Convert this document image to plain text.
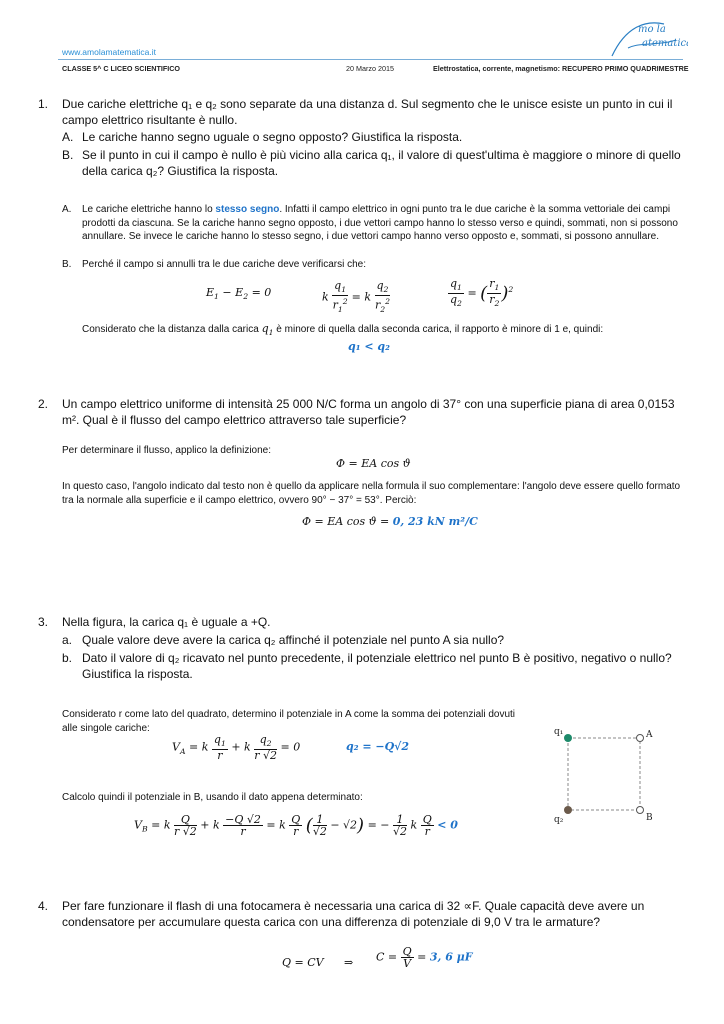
www.amolamatematica.it
mo la
atematica
CLASSE 5^ C LICEO SCIENTIFICO	20 Marzo 2015	Elettrostatica, corrente, magnetismo: RECUPERO PRIMO QUADRIMESTRE
1. Due cariche elettriche q₁ e q₂ sono separate da una distanza d. Sul segmento che le unisce esiste un punto in cui il campo elettrico risultante è nullo.
A. Le cariche hanno segno uguale o segno opposto? Giustifica la risposta.
B. Se il punto in cui il campo è nullo è più vicino alla carica q₁, il valore di quest'ultima è maggiore o minore di quello della carica q₂? Giustifica la risposta.
A. Le cariche elettriche hanno lo stesso segno. Infatti il campo elettrico in ogni punto tra le due cariche è la somma vettoriale dei campi prodotti da ciascuna. Se la cariche hanno segno opposto, i due vettori campo hanno lo stesso verso e quindi, sommati, non si possono annullare. Se invece le cariche hanno lo stesso segno, i due vettori campo hanno verso opposto e, sommati, si possono annullare.
B. Perché il campo si annulli tra le due cariche deve verificarsi che:
$E_1 - E_2 = 0$	k $\frac{q_1}{r_1^2} = k \frac{q_2}{r_2^2}$	$\frac{q_1}{q_2}$ = ( $\frac{r_1}{r_2} )^2$
Considerato che la distanza dalla carica $q_1$ è minore di quella dalla seconda carica, il rapporto è minore di 1 e, quindi:
q₁ < q₂
2. Un campo elettrico uniforme di intensità 25 000 N/C forma un angolo di 37° con una superficie piana di area 0,0153 m². Qual è il flusso del campo elettrico attraverso tale superficie?
Per determinare il flusso, applico la definizione:
Φ = EA cos ϑ
In questo caso, l'angolo indicato dal testo non è quello da applicare nella formula il suo complementare: l'angolo deve essere quello formato tra la normale alla superficie e il campo elettrico, ovvero 90° − 37° = 53°. Perciò:
Φ = EA cos ϑ = 0, 23 kN m²/C
3. Nella figura, la carica q₁ è uguale a +Q.
a. Quale valore deve avere la carica q₂ affinché il potenziale nel punto A sia nullo?
b. Dato il valore di q₂ ricavato nel punto precedente, il potenziale elettrico nel punto B è positivo, negativo o nullo? Giustifica la risposta.
Considerato r come lato del quadrato, determino il potenziale in A come la somma dei potenziali dovuti alle singole cariche:
$V_A = k \frac{q_1}{r} + k \frac{q_2}{r √2} = 0$	q₂ = −Q√2
Calcolo quindi il potenziale in B, usando il dato appena determinato:
$V_B = k \frac{Q}{r √2} + k \frac{-Q √2}{r} = k \frac{Q}{r}$ ( $\frac{1}{√2} - √2$) = − $\frac{1}{√2}$ k $\frac{Q}{r} < 0$
q₁
q₂
A
B
4. Per fare funzionare il flash di una fotocamera è necessaria una carica di 32 ∝F. Quale capacità deve avere un condensatore per accumulare questa carica con una differenza di potenziale di 9,0 V tra le armature?
Q = CV ⇒ $C = \frac{Q}{V} = 3$, 6 μF
